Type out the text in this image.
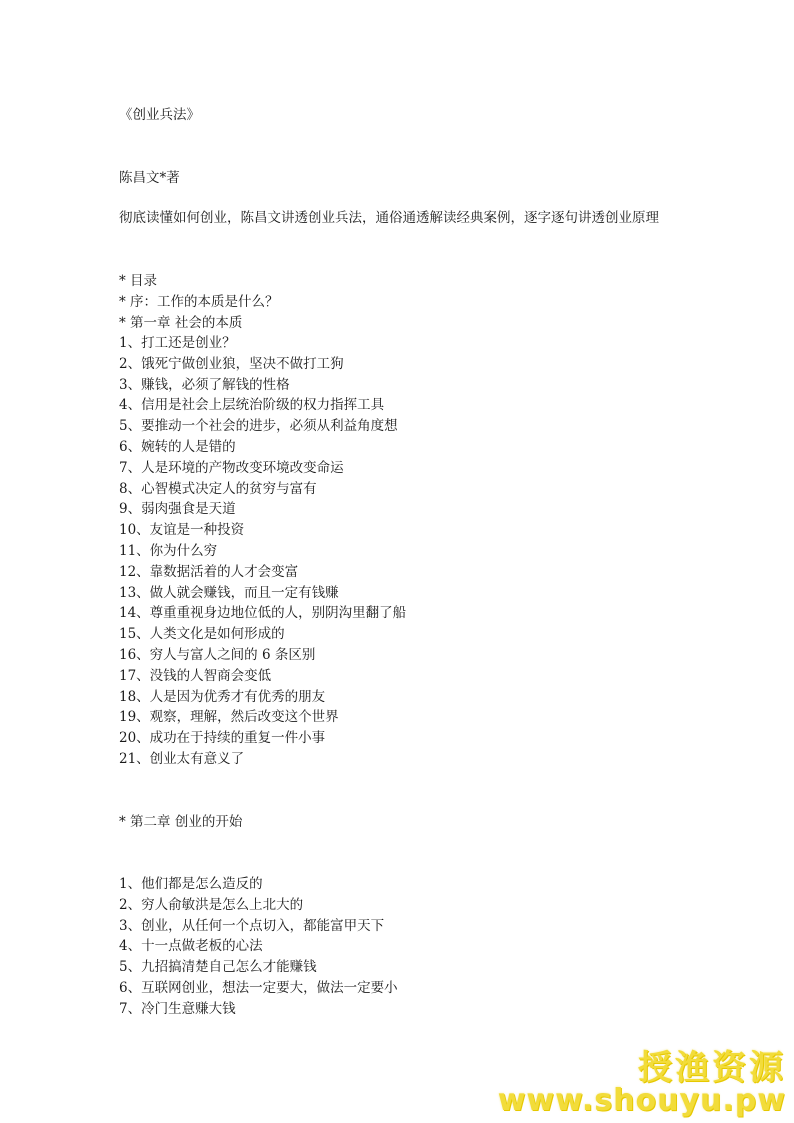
《创业兵法》
陈昌文*著
彻底读懂如何创业，陈昌文讲透创业兵法，通俗通透解读经典案例，逐字逐句讲透创业原理
* 目录
* 序：工作的本质是什么？
* 第一章 社会的本质
1、打工还是创业？
2、饿死宁做创业狼，坚决不做打工狗
3、赚钱，必须了解钱的性格
4、信用是社会上层统治阶级的权力指挥工具
5、要推动一个社会的进步，必须从利益角度想
6、婉转的人是错的
7、人是环境的产物改变环境改变命运
8、心智模式决定人的贫穷与富有
9、弱肉强食是天道
10、友谊是一种投资
11、你为什么穷
12、靠数据活着的人才会变富
13、做人就会赚钱，而且一定有钱赚
14、尊重重视身边地位低的人，别阴沟里翻了船
15、人类文化是如何形成的
16、穷人与富人之间的 6 条区别
17、没钱的人智商会变低
18、人是因为优秀才有优秀的朋友
19、观察，理解，然后改变这个世界
20、成功在于持续的重复一件小事
21、创业太有意义了
* 第二章 创业的开始
1、他们都是怎么造反的
2、穷人俞敏洪是怎么上北大的
3、创业，从任何一个点切入，都能富甲天下
4、十一点做老板的心法
5、九招搞清楚自己怎么才能赚钱
6、互联网创业，想法一定要大，做法一定要小
7、冷门生意赚大钱
授渔资源
www.shouyu.pw
